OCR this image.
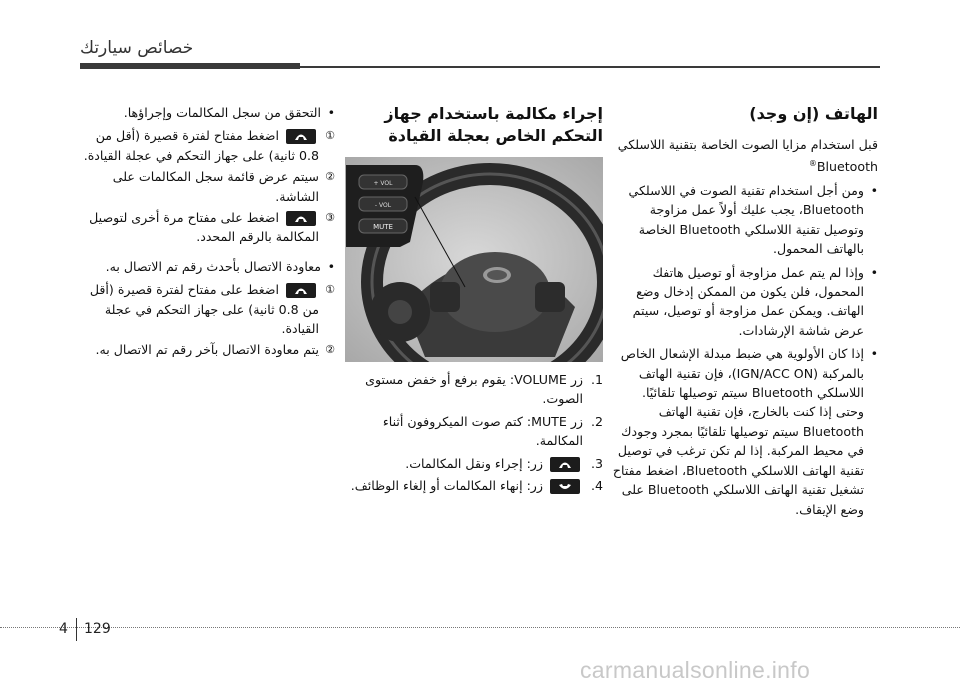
خصائص سيارتك
الهاتف (إن وجد)
قبل استخدام مزايا الصوت الخاصة بتقنية اللاسلكي Bluetooth®
• ومن أجل استخدام تقنية الصوت في اللاسلكي Bluetooth، يجب عليك أولاً عمل مزاوجة وتوصيل تقنية اللاسلكي Bluetooth الخاصة بالهاتف المحمول.
• وإذا لم يتم عمل مزاوجة أو توصيل هاتفك المحمول، فلن يكون من الممكن إدخال وضع الهاتف. ويمكن عمل مزاوجة أو توصيل، سيتم عرض شاشة الإرشادات.
• إذا كان الأولوية هي ضبط مبدلة الإشعال الخاص بالمركبة (IGN/ACC ON)، فإن تقنية الهاتف اللاسلكي Bluetooth سيتم توصيلها تلقائيًا. وحتى إذا كنت بالخارج، فإن تقنية الهاتف Bluetooth سيتم توصيلها تلقائيًا بمجرد وجودك في محيط المركبة. إذا لم تكن ترغب في توصيل تقنية الهاتف اللاسلكي Bluetooth، اضغط مفتاح تشغيل تقنية الهاتف اللاسلكي Bluetooth على وضع الإيقاف.
إجراء مكالمة باستخدام جهاز التحكم الخاص بعجلة القيادة
VOL +
VOL -
MUTE
1.
زر VOLUME: يقوم برفع أو خفض مستوى الصوت.
2.
زر MUTE: كتم صوت الميكروفون أثناء المكالمة.
3.
زر: إجراء ونقل المكالمات.
4.
زر: إنهاء المكالمات أو إلغاء الوظائف.
• التحقق من سجل المكالمات وإجراؤها.
①
اضغط مفتاح لفترة قصيرة (أقل من 0.8 ثانية) على جهاز التحكم في عجلة القيادة.
②
سيتم عرض قائمة سجل المكالمات على الشاشة.
③
اضغط على مفتاح مرة أخرى لتوصيل المكالمة بالرقم المحدد.
• معاودة الاتصال بأحدث رقم تم الاتصال به.
①
اضغط على مفتاح لفترة قصيرة (أقل من 0.8 ثانية) على جهاز التحكم في عجلة القيادة.
②
يتم معاودة الاتصال بآخر رقم تم الاتصال به.
4 129
carmanualsonline.info
